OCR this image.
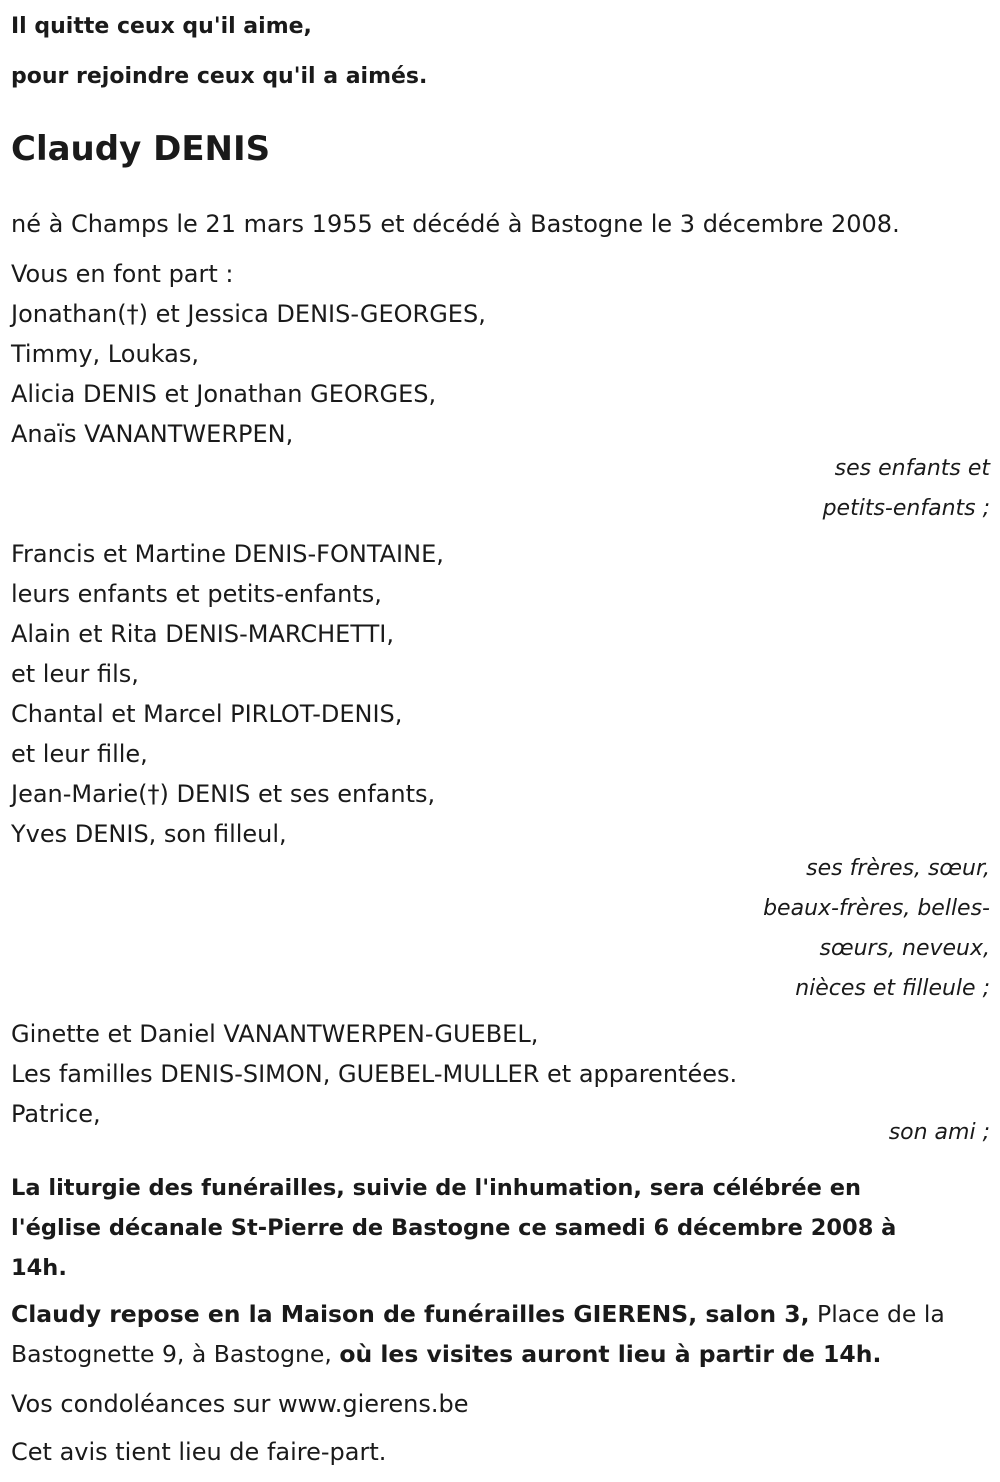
Il quitte ceux qu'il aime,
pour rejoindre ceux qu'il a aimés.
Claudy DENIS
né à Champs le 21 mars 1955 et décédé à Bastogne le 3 décembre 2008.
Vous en font part :
Jonathan(†) et Jessica DENIS-GEORGES,
Timmy, Loukas,
Alicia DENIS et Jonathan GEORGES,
Anaïs VANANTWERPEN,
ses enfants et
petits-enfants ;
Francis et Martine DENIS-FONTAINE,
leurs enfants et petits-enfants,
Alain et Rita DENIS-MARCHETTI,
et leur fils,
Chantal et Marcel PIRLOT-DENIS,
et leur fille,
Jean-Marie(†) DENIS et ses enfants,
Yves DENIS, son filleul,
ses frères, sœur,
beaux-frères, belles-
sœurs, neveux,
nièces et filleule ;
Ginette et Daniel VANANTWERPEN-GUEBEL,
Les familles DENIS-SIMON, GUEBEL-MULLER et apparentées.
Patrice,
son ami ;
La liturgie des funérailles, suivie de l'inhumation, sera célébrée en
l'église décanale St-Pierre de Bastogne ce samedi 6 décembre 2008 à
14h.
Claudy repose en la Maison de funérailles GIERENS, salon 3, Place de la
Bastognette 9, à Bastogne, où les visites auront lieu à partir de 14h.
Vos condoléances sur www.gierens.be
Cet avis tient lieu de faire-part.
